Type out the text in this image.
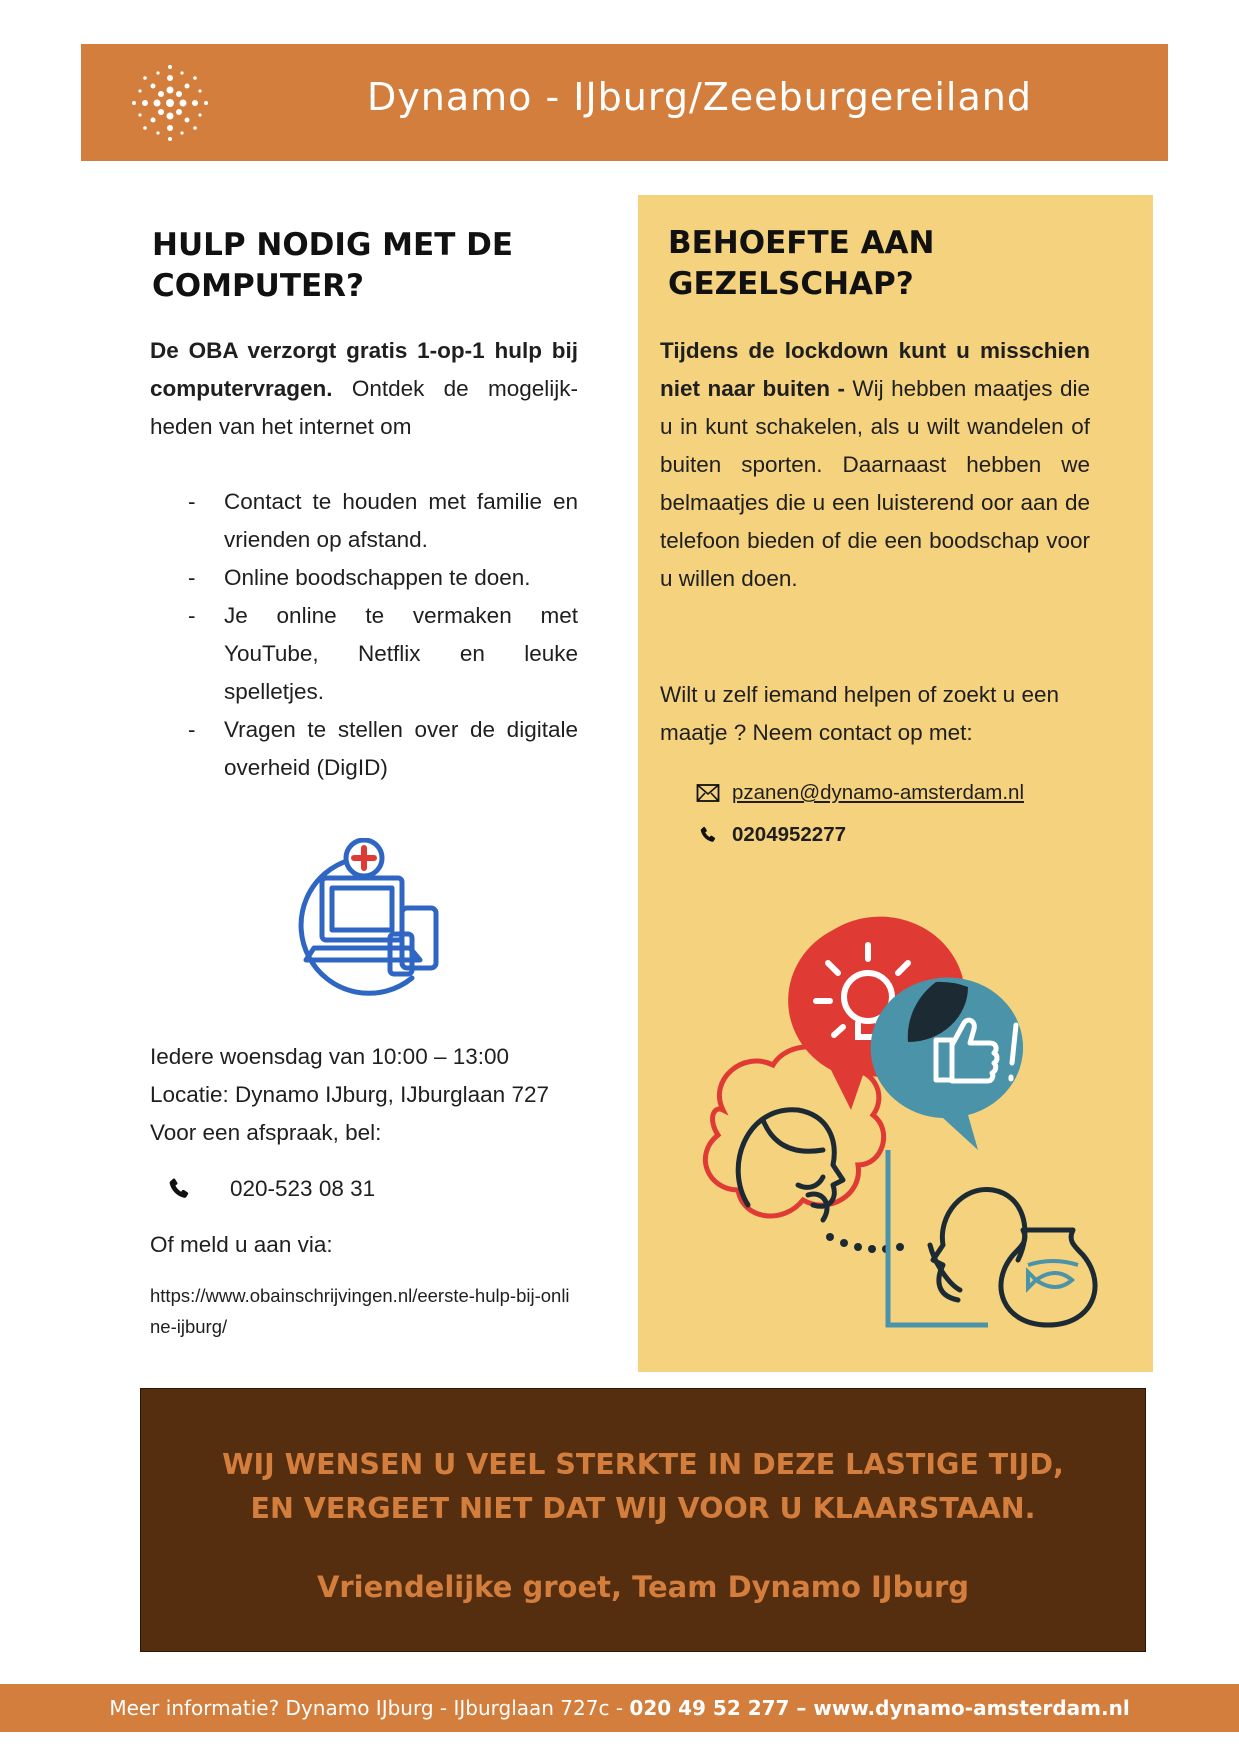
Dynamo - IJburg/Zeeburgereiland
HULP NODIG MET DE
COMPUTER?

De OBA verzorgt gratis 1-op-1 hulp bij computervragen. Ontdek de mogelijk-heden van het internet om

- Contact te houden met familie en vrienden op afstand.
- Online boodschappen te doen.
- Je online te vermaken met YouTube, Netflix en leuke spelletjes.
- Vragen te stellen over de digitale overheid (DigID)
Iedere woensdag van 10:00 – 13:00
Locatie: Dynamo IJburg, IJburglaan 727
Voor een afspraak, bel:
020-523 08 31
Of meld u aan via:
https://www.obainschrijvingen.nl/eerste-hulp-bij-online-ijburg/
BEHOEFTE AAN
GEZELSCHAP?

Tijdens de lockdown kunt u misschien niet naar buiten - Wij hebben maatjes die u in kunt schakelen, als u wilt wandelen of buiten sporten. Daarnaast hebben we belmaatjes die u een luisterend oor aan de telefoon bieden of die een boodschap voor u willen doen.

Wilt u zelf iemand helpen of zoekt u een maatje ? Neem contact op met:

pzanen@dynamo-amsterdam.nl
0204952277
WIJ WENSEN U VEEL STERKTE IN DEZE LASTIGE TIJD,
EN VERGEET NIET DAT WIJ VOOR U KLAARSTAAN.
Vriendelijke groet, Team Dynamo IJburg
Meer informatie? Dynamo IJburg - IJburglaan 727c - 020 49 52 277 – www.dynamo-amsterdam.nl
